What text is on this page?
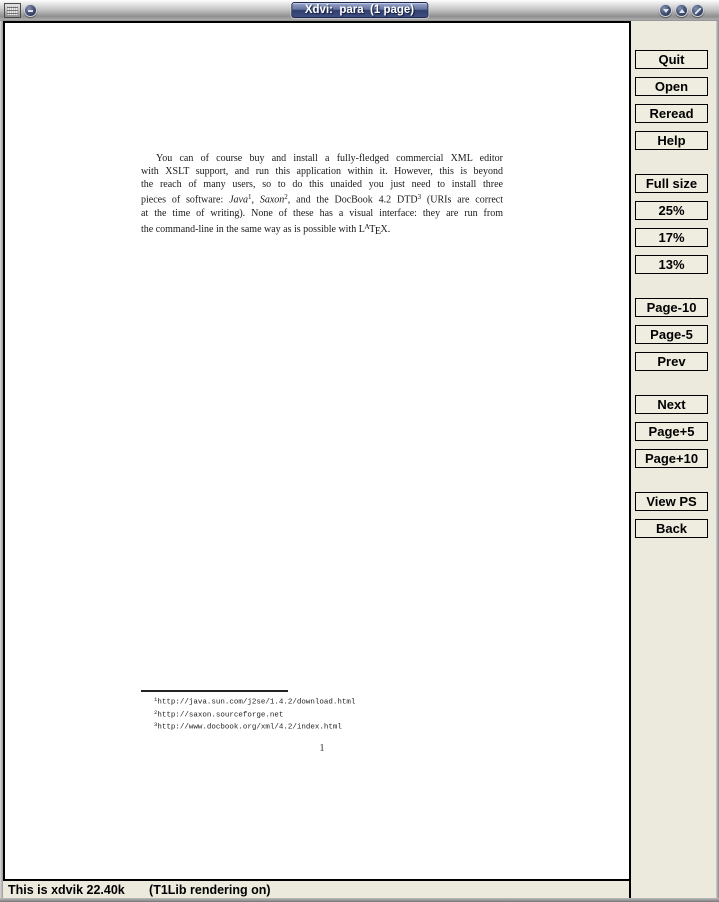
Xdvi:  para  (1 page)
You can of course buy and install a fully-fledged commercial XML editor
with XSLT support, and run this application within it. However, this is beyond
the reach of many users, so to do this unaided you just need to install three
pieces of software: Java$^1$, Saxon$^2$, and the DocBook 4.2 DTD$^3$ (URIs are correct
at the time of writing). None of these has a visual interface: they are run from
the command-line in the same way as is possible with $L^ATEX$.
$^1$http://java.sun.com/j2se/1.4.2/download.html
$^2$http://saxon.sourceforge.net
$^3$http://www.docbook.org/xml/4.2/index.html
1
This is xdvik 22.40k       (T1Lib rendering on)
Quit
Open
Reread
Help
Full size
25%
17%
13%
Page-10
Page-5
Prev
Next
Page+5
Page+10
View PS
Back
